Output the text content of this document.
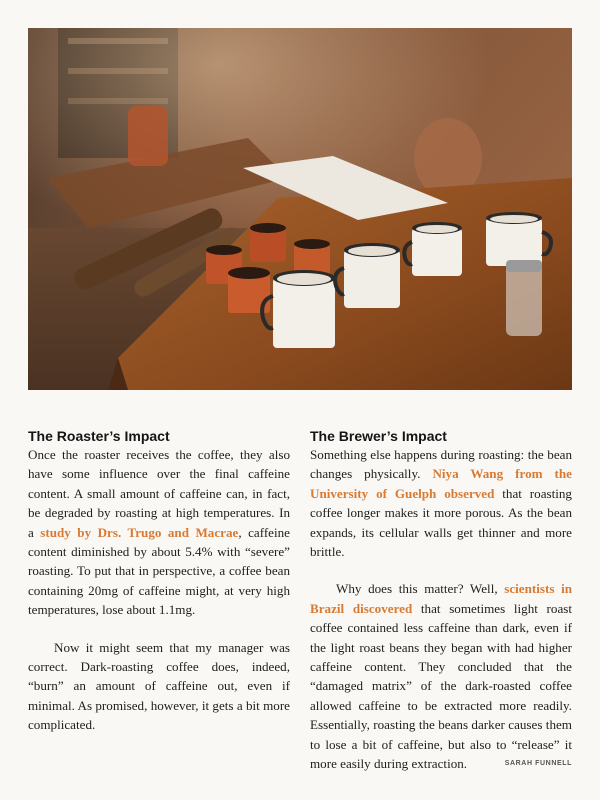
The Roaster’s Impact

Once the roaster receives the coffee, they also have some influence over the final caffeine content. A small amount of caffeine can, in fact, be degraded by roasting at high temperatures. In a study by Drs. Trugo and Macrae, caffeine content diminished by about 5.4% with “severe” roasting. To put that in perspective, a coffee bean containing 20mg of caffeine might, at very high temperatures, lose about 1.1mg.

Now it might seem that my manager was correct. Dark-roasting coffee does, indeed, “burn” an amount of caffeine out, even if minimal. As promised, however, it gets a bit more complicated.

The Brewer’s Impact

Something else happens during roasting: the bean changes physically. Niya Wang from the University of Guelph observed that roasting coffee longer makes it more porous. As the bean expands, its cellular walls get thinner and more brittle.

Why does this matter? Well, scientists in Brazil discovered that sometimes light roast coffee contained less caffeine than dark, even if the light roast beans they began with had higher caffeine content. They concluded that the “damaged matrix” of the dark-roasted coffee allowed caffeine to be extracted more readily. Essentially, roasting the beans darker causes them to lose a bit of caffeine, but also to “release” it more easily during extraction.	SARAH FUNNELL
